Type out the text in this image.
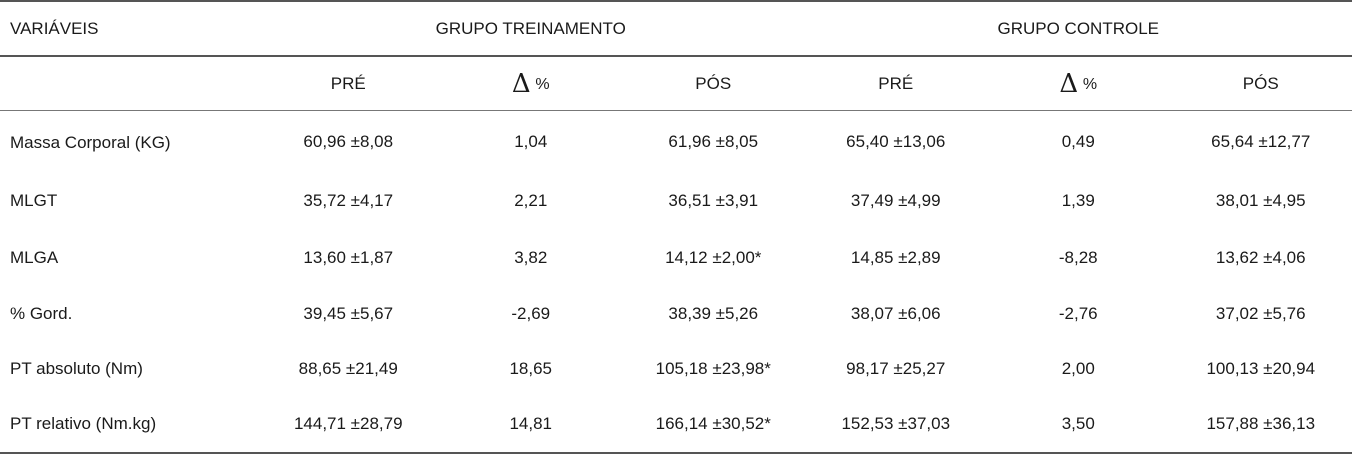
VARIÁVEIS	GRUPO TREINAMENTO			GRUPO CONTROLE		
	PRÉ	Δ %	PÓS	PRÉ	Δ %	PÓS
Massa Corporal (KG)	60,96 ±8,08	1,04	61,96 ±8,05	65,40 ±13,06	0,49	65,64 ±12,77
MLGT	35,72 ±4,17	2,21	36,51 ±3,91	37,49 ±4,99	1,39	38,01 ±4,95
MLGA	13,60 ±1,87	3,82	14,12 ±2,00*	14,85 ±2,89	-8,28	13,62 ±4,06
% Gord.	39,45 ±5,67	-2,69	38,39 ±5,26	38,07 ±6,06	-2,76	37,02 ±5,76
PT absoluto (Nm)	88,65 ±21,49	18,65	105,18 ±23,98*	98,17 ±25,27	2,00	100,13 ±20,94
PT relativo (Nm.kg)	144,71 ±28,79	14,81	166,14 ±30,52*	152,53 ±37,03	3,50	157,88 ±36,13
